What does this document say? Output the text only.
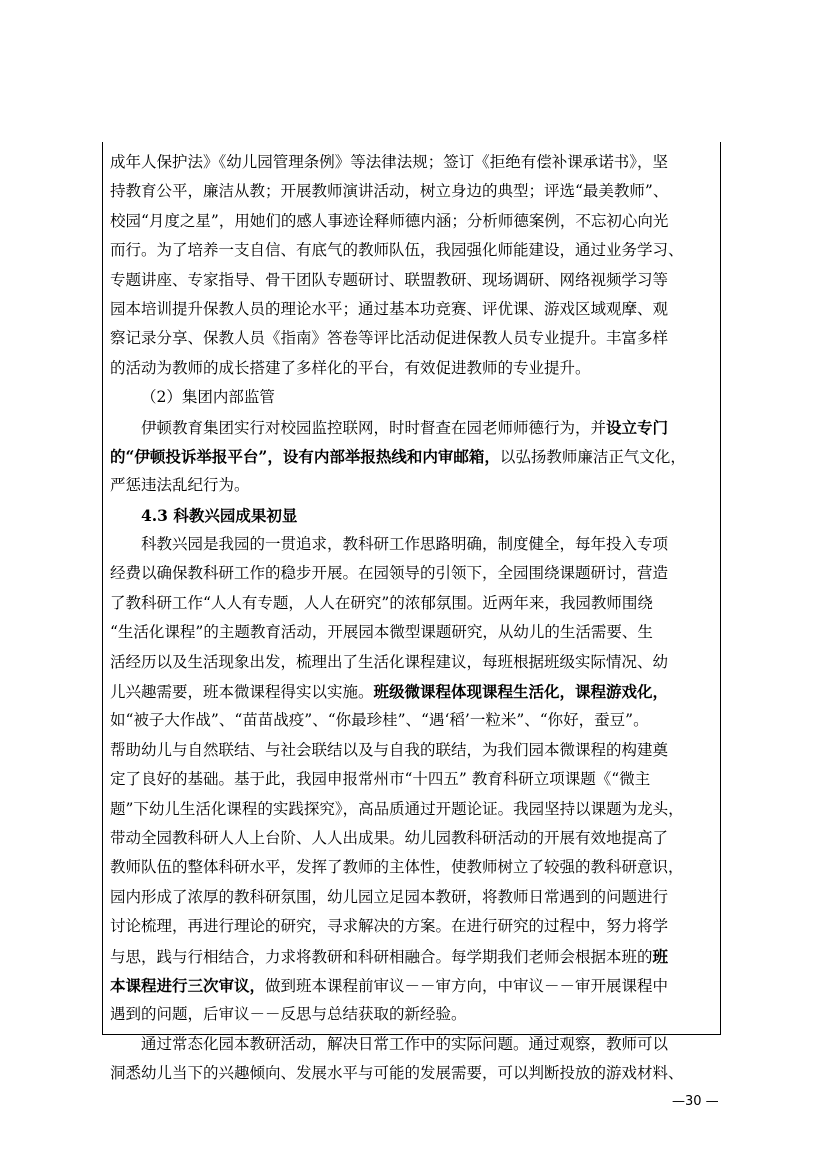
成年人保护法》《幼儿园管理条例》等法律法规；签订《拒绝有偿补课承诺书》，坚
持教育公平，廉洁从教；开展教师演讲活动，树立身边的典型；评选“最美教师”、
校园“月度之星”，用她们的感人事迹诠释师德内涵；分析师德案例，不忘初心向光
而行。为了培养一支自信、有底气的教师队伍，我园强化师能建设，通过业务学习、
专题讲座、专家指导、骨干团队专题研讨、联盟教研、现场调研、网络视频学习等
园本培训提升保教人员的理论水平；通过基本功竞赛、评优课、游戏区域观摩、观
察记录分享、保教人员《指南》答卷等评比活动促进保教人员专业提升。丰富多样
的活动为教师的成长搭建了多样化的平台，有效促进教师的专业提升。
（2）集团内部监管
伊顿教育集团实行对校园监控联网，时时督查在园老师师德行为，并设立专门
的“伊顿投诉举报平台”，设有内部举报热线和内审邮箱，以弘扬教师廉洁正气文化，
严惩违法乱纪行为。
4.3 科教兴园成果初显
科教兴园是我园的一贯追求，教科研工作思路明确，制度健全，每年投入专项
经费以确保教科研工作的稳步开展。在园领导的引领下，全园围绕课题研讨，营造
了教科研工作“人人有专题，人人在研究”的浓郁氛围。近两年来，我园教师围绕
“生活化课程”的主题教育活动，开展园本微型课题研究，从幼儿的生活需要、生
活经历以及生活现象出发，梳理出了生活化课程建议，每班根据班级实际情况、幼
儿兴趣需要，班本微课程得实以实施。班级微课程体现课程生活化，课程游戏化，
如“被子大作战”、“苗苗战疫”、“你最珍桂”、“遇‘稻’一粒米”、“你好，蚕豆”。
帮助幼儿与自然联结、与社会联结以及与自我的联结，为我们园本微课程的构建奠
定了良好的基础。基于此，我园申报常州市“十四五” 教育科研立项课题《“微主
题”下幼儿生活化课程的实践探究》，高品质通过开题论证。我园坚持以课题为龙头，
带动全园教科研人人上台阶、人人出成果。幼儿园教科研活动的开展有效地提高了
教师队伍的整体科研水平，发挥了教师的主体性，使教师树立了较强的教科研意识，
园内形成了浓厚的教科研氛围，幼儿园立足园本教研，将教师日常遇到的问题进行
讨论梳理，再进行理论的研究，寻求解决的方案。在进行研究的过程中，努力将学
与思，践与行相结合，力求将教研和科研相融合。每学期我们老师会根据本班的班
本课程进行三次审议，做到班本课程前审议－－审方向，中审议－－审开展课程中
遇到的问题，后审议－－反思与总结获取的新经验。
通过常态化园本教研活动，解决日常工作中的实际问题。通过观察，教师可以
洞悉幼儿当下的兴趣倾向、发展水平与可能的发展需要，可以判断投放的游戏材料、
—30 —
